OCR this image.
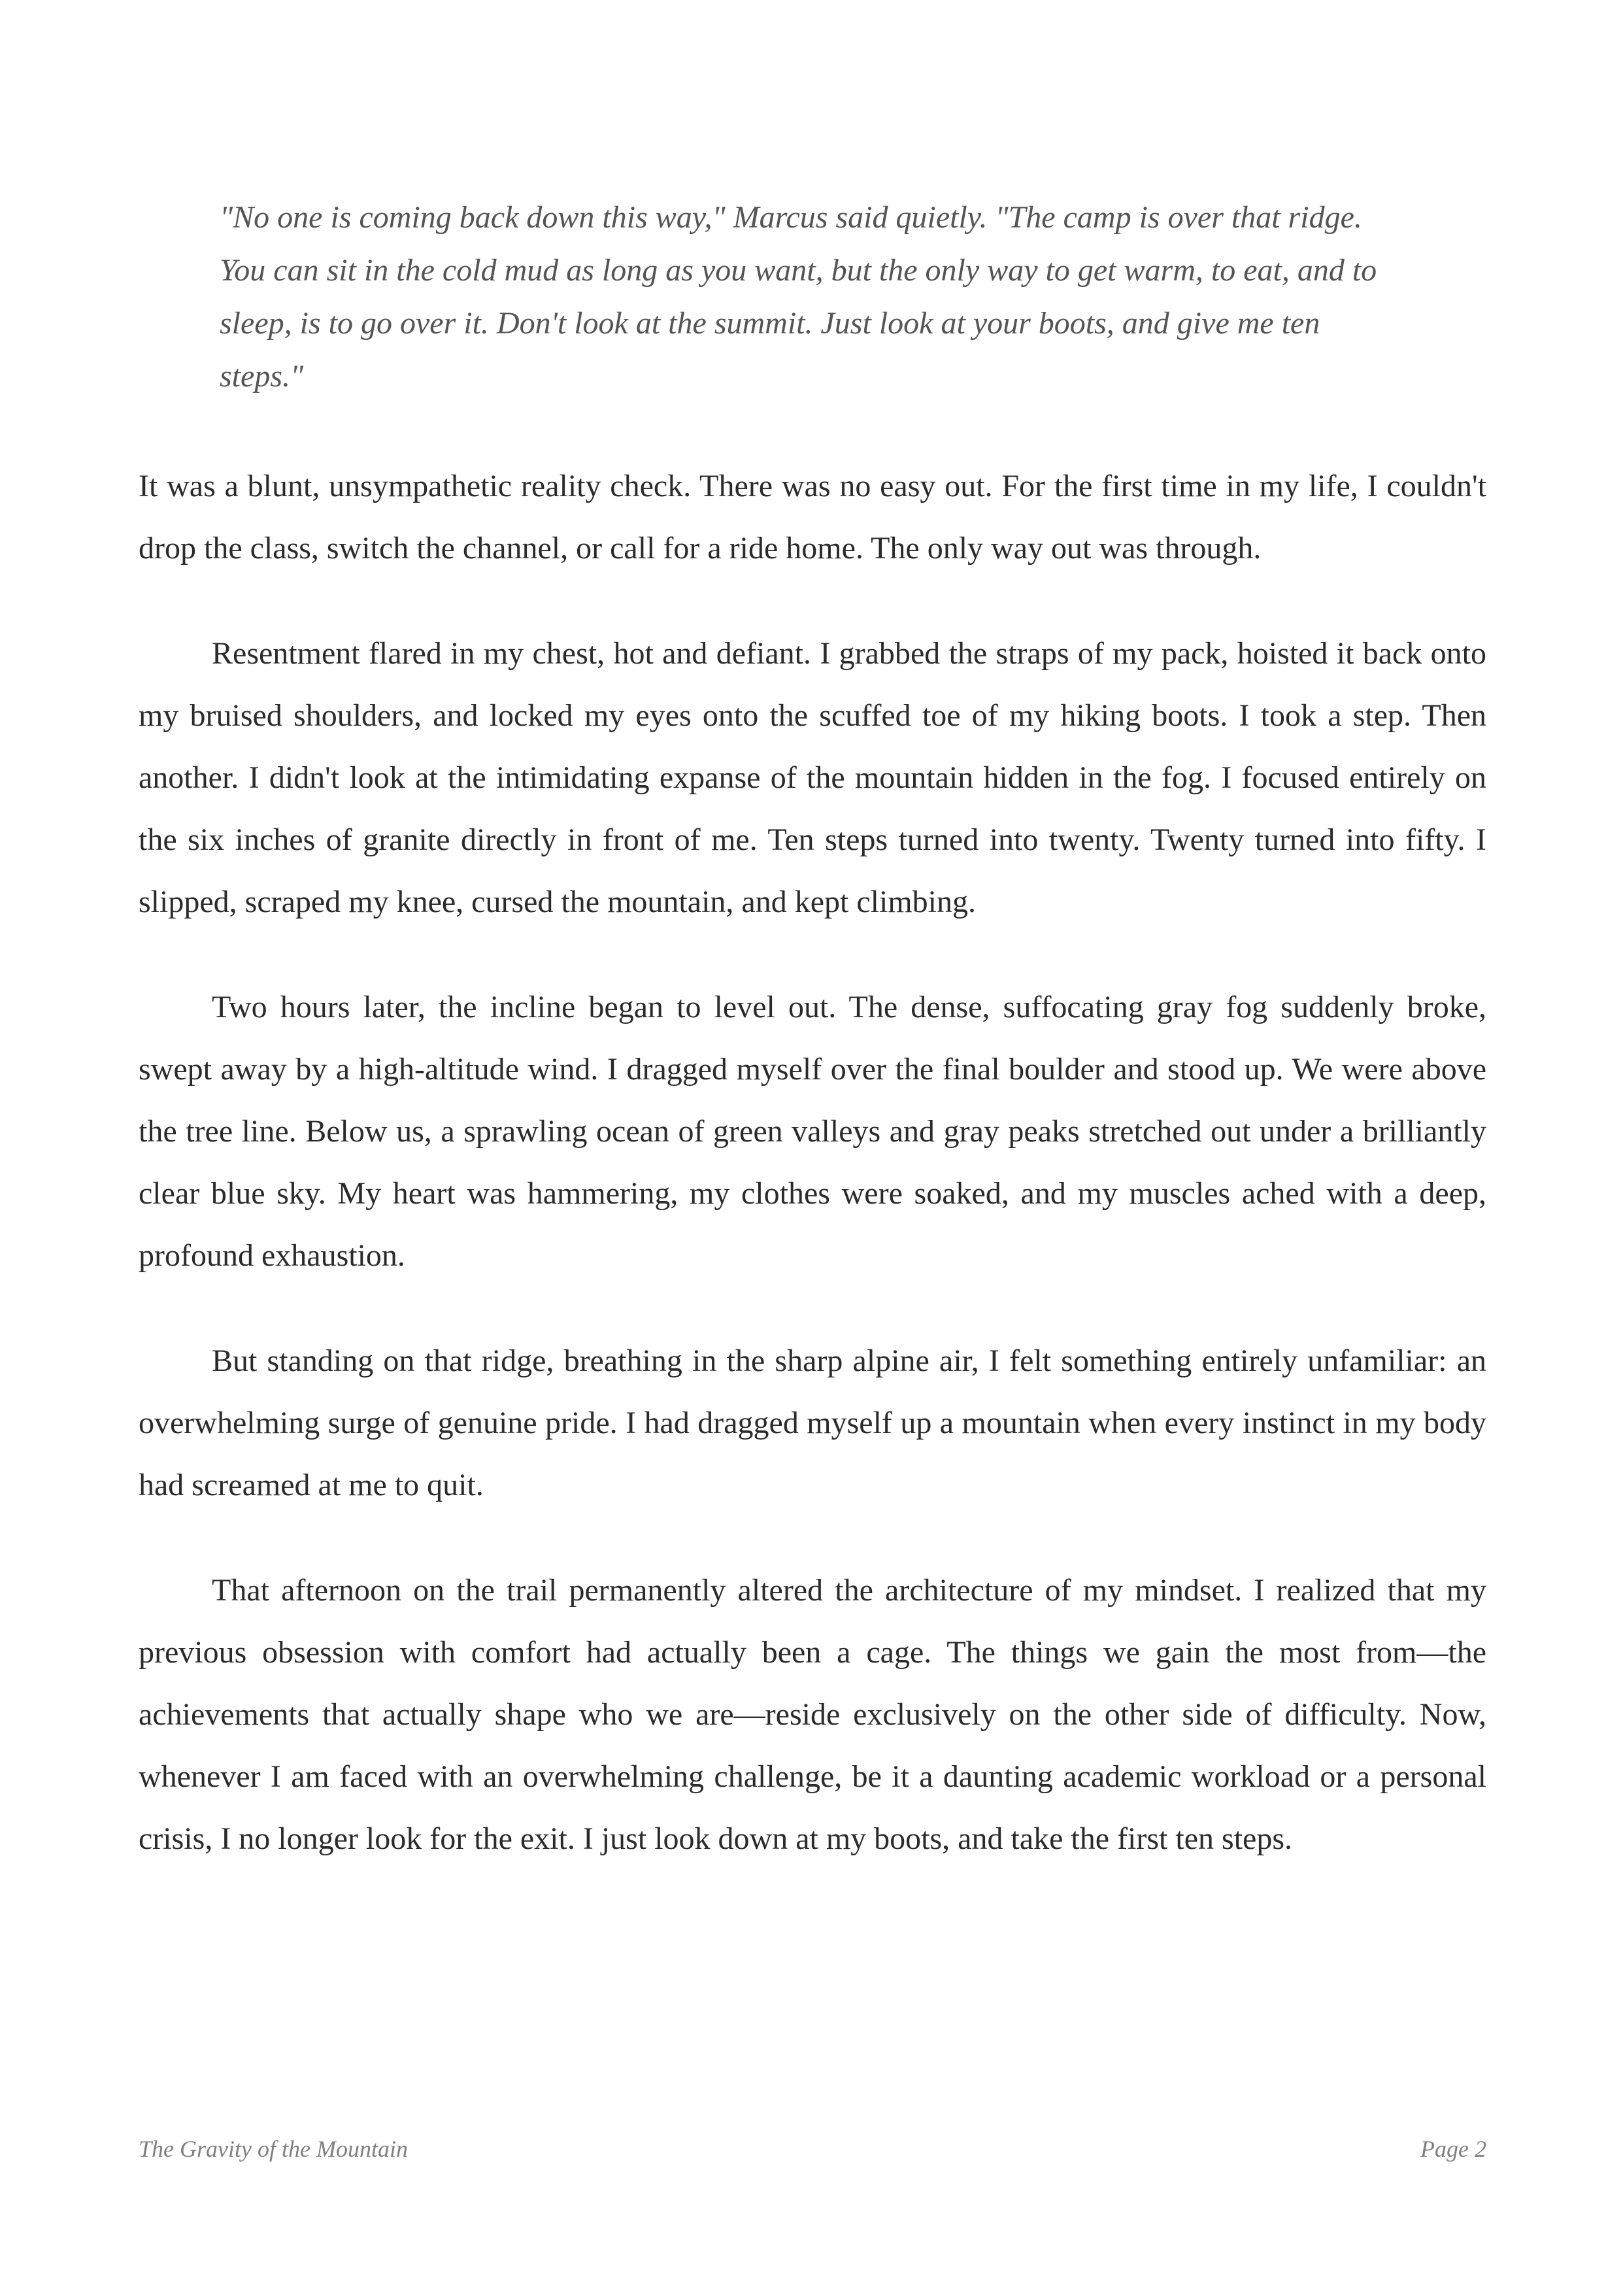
"No one is coming back down this way," Marcus said quietly. "The camp is over that ridge. You can sit in the cold mud as long as you want, but the only way to get warm, to eat, and to sleep, is to go over it. Don't look at the summit. Just look at your boots, and give me ten steps."

It was a blunt, unsympathetic reality check. There was no easy out. For the first time in my life, I couldn't drop the class, switch the channel, or call for a ride home. The only way out was through.

Resentment flared in my chest, hot and defiant. I grabbed the straps of my pack, hoisted it back onto my bruised shoulders, and locked my eyes onto the scuffed toe of my hiking boots. I took a step. Then another. I didn't look at the intimidating expanse of the mountain hidden in the fog. I focused entirely on the six inches of granite directly in front of me. Ten steps turned into twenty. Twenty turned into fifty. I slipped, scraped my knee, cursed the mountain, and kept climbing.

Two hours later, the incline began to level out. The dense, suffocating gray fog suddenly broke, swept away by a high-altitude wind. I dragged myself over the final boulder and stood up. We were above the tree line. Below us, a sprawling ocean of green valleys and gray peaks stretched out under a brilliantly clear blue sky. My heart was hammering, my clothes were soaked, and my muscles ached with a deep, profound exhaustion.

But standing on that ridge, breathing in the sharp alpine air, I felt something entirely unfamiliar: an overwhelming surge of genuine pride. I had dragged myself up a mountain when every instinct in my body had screamed at me to quit.

That afternoon on the trail permanently altered the architecture of my mindset. I realized that my previous obsession with comfort had actually been a cage. The things we gain the most from—the achievements that actually shape who we are—reside exclusively on the other side of difficulty. Now, whenever I am faced with an overwhelming challenge, be it a daunting academic workload or a personal crisis, I no longer look for the exit. I just look down at my boots, and take the first ten steps.

The Gravity of the Mountain	Page 2
